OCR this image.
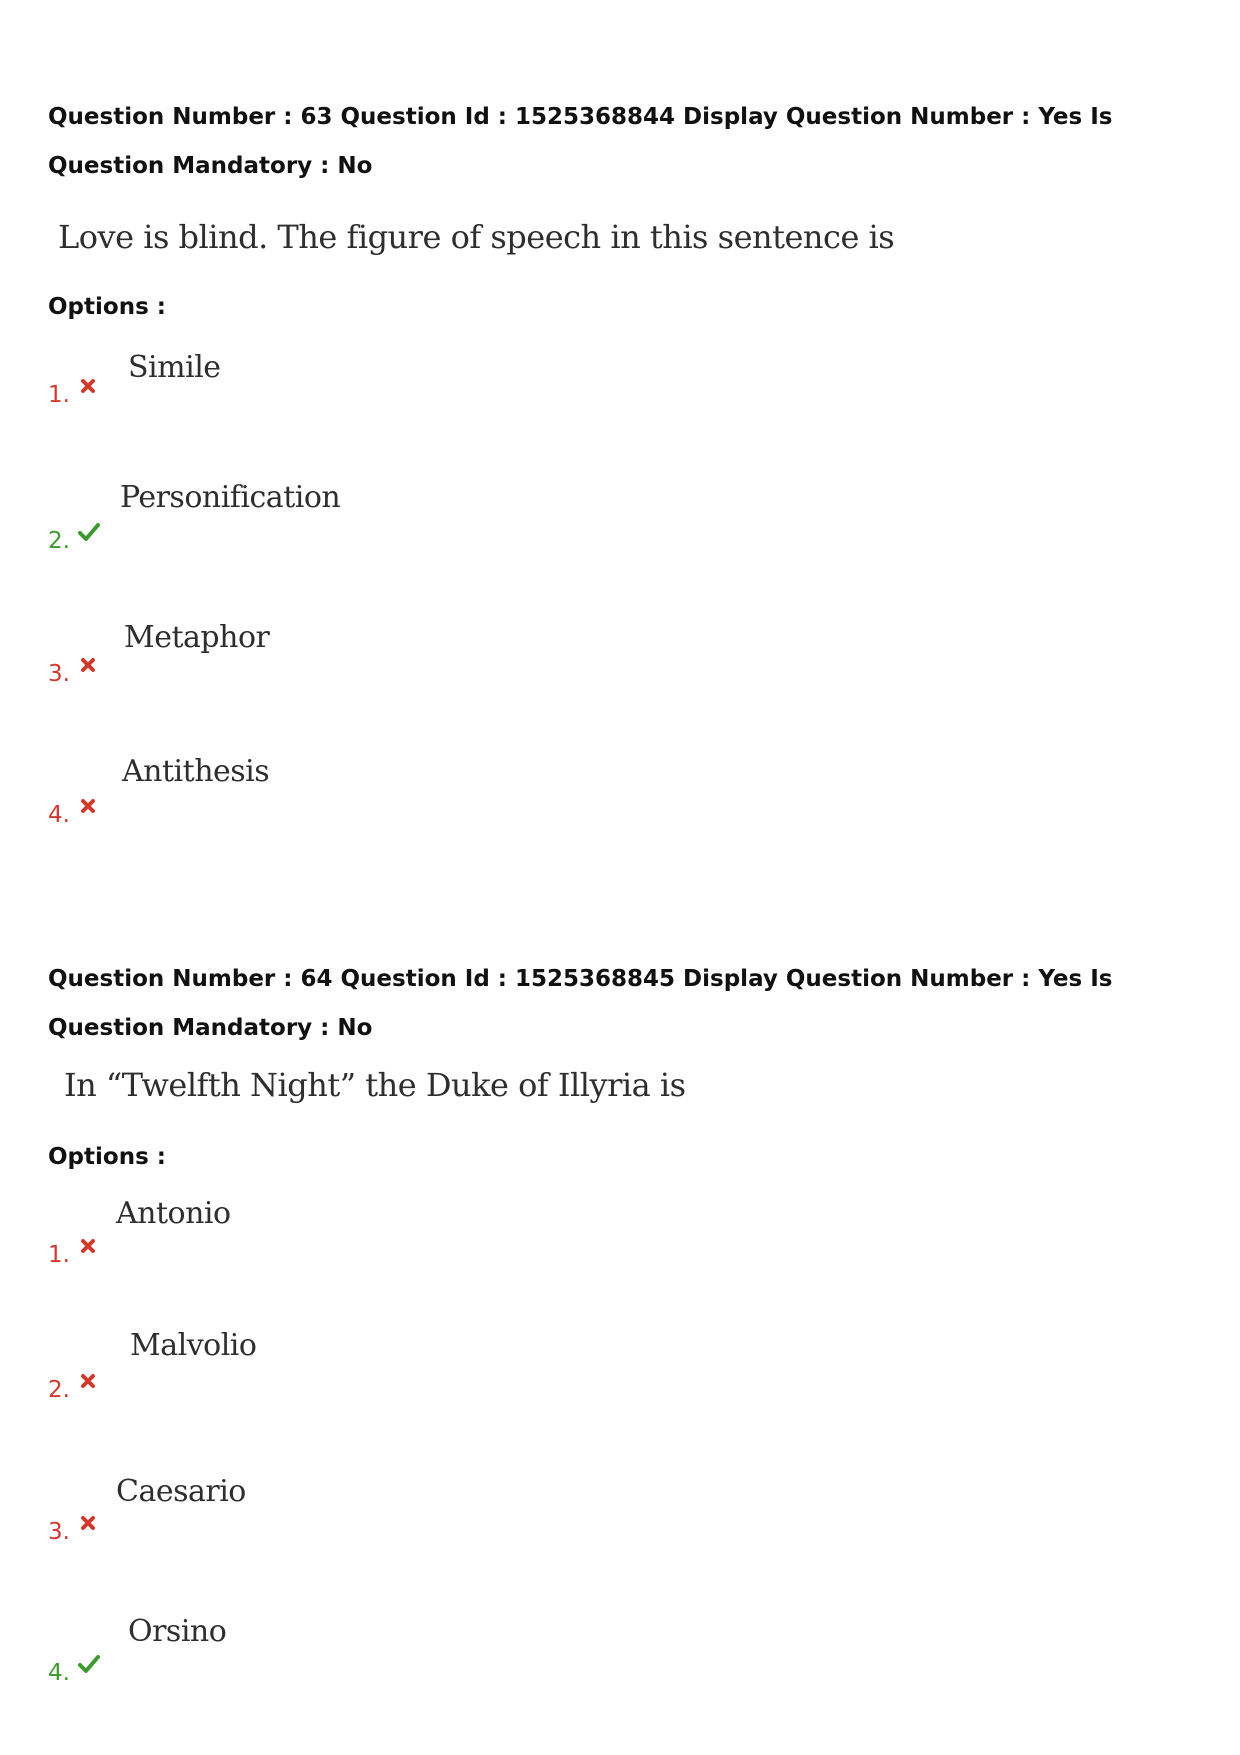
Question Number : 63 Question Id : 1525368844 Display Question Number : Yes Is Question Mandatory : No
Love is blind. The figure of speech in this sentence is
Options :
1.
Simile
2.
Personification
3.
Metaphor
4.
Antithesis
Question Number : 64 Question Id : 1525368845 Display Question Number : Yes Is Question Mandatory : No
In “Twelfth Night” the Duke of Illyria is
Options :
1.
Antonio
2.
Malvolio
3.
Caesario
4.
Orsino
